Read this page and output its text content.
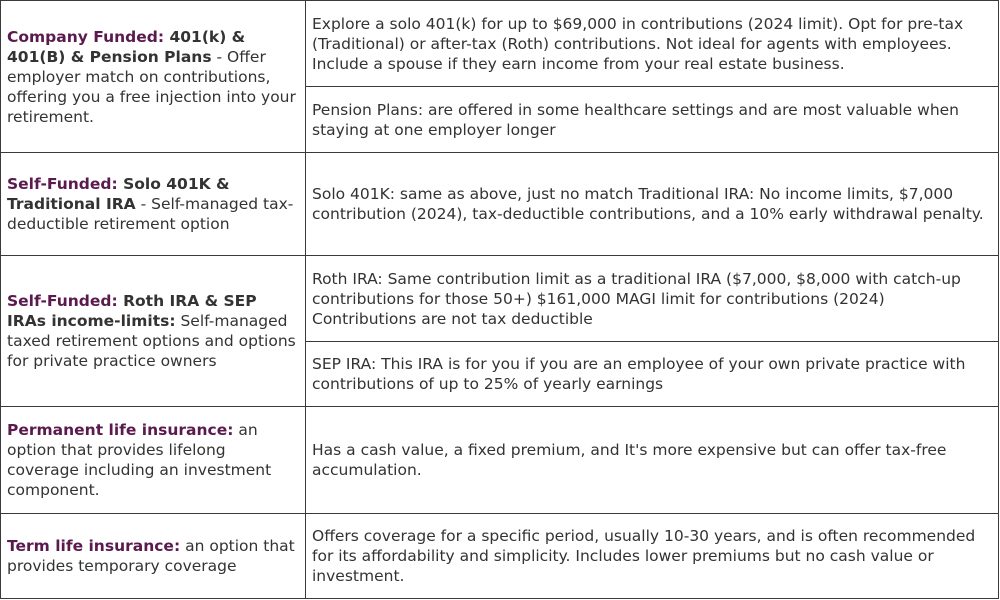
Company Funded: 401(k) & 401(B) & Pension Plans - Offer employer match on contributions, offering you a free injection into your retirement.

Explore a solo 401(k) for up to $69,000 in contributions (2024 limit). Opt for pre-tax (Traditional) or after-tax (Roth) contributions. Not ideal for agents with employees. Include a spouse if they earn income from your real estate business.

Pension Plans: are offered in some healthcare settings and are most valuable when staying at one employer longer

Self-Funded: Solo 401K & Traditional IRA - Self-managed tax-deductible retirement option

Solo 401K: same as above, just no match Traditional IRA: No income limits, $7,000 contribution (2024), tax-deductible contributions, and a 10% early withdrawal penalty.

Self-Funded: Roth IRA & SEP IRAs income-limits: Self-managed taxed retirement options and options for private practice owners

Roth IRA: Same contribution limit as a traditional IRA ($7,000, $8,000 with catch-up contributions for those 50+) $161,000 MAGI limit for contributions (2024) Contributions are not tax deductible

SEP IRA: This IRA is for you if you are an employee of your own private practice with contributions of up to 25% of yearly earnings

Permanent life insurance: an option that provides lifelong coverage including an investment component.

Has a cash value, a fixed premium, and It's more expensive but can offer tax-free accumulation.

Term life insurance: an option that provides temporary coverage

Offers coverage for a specific period, usually 10-30 years, and is often recommended for its affordability and simplicity. Includes lower premiums but no cash value or investment.
